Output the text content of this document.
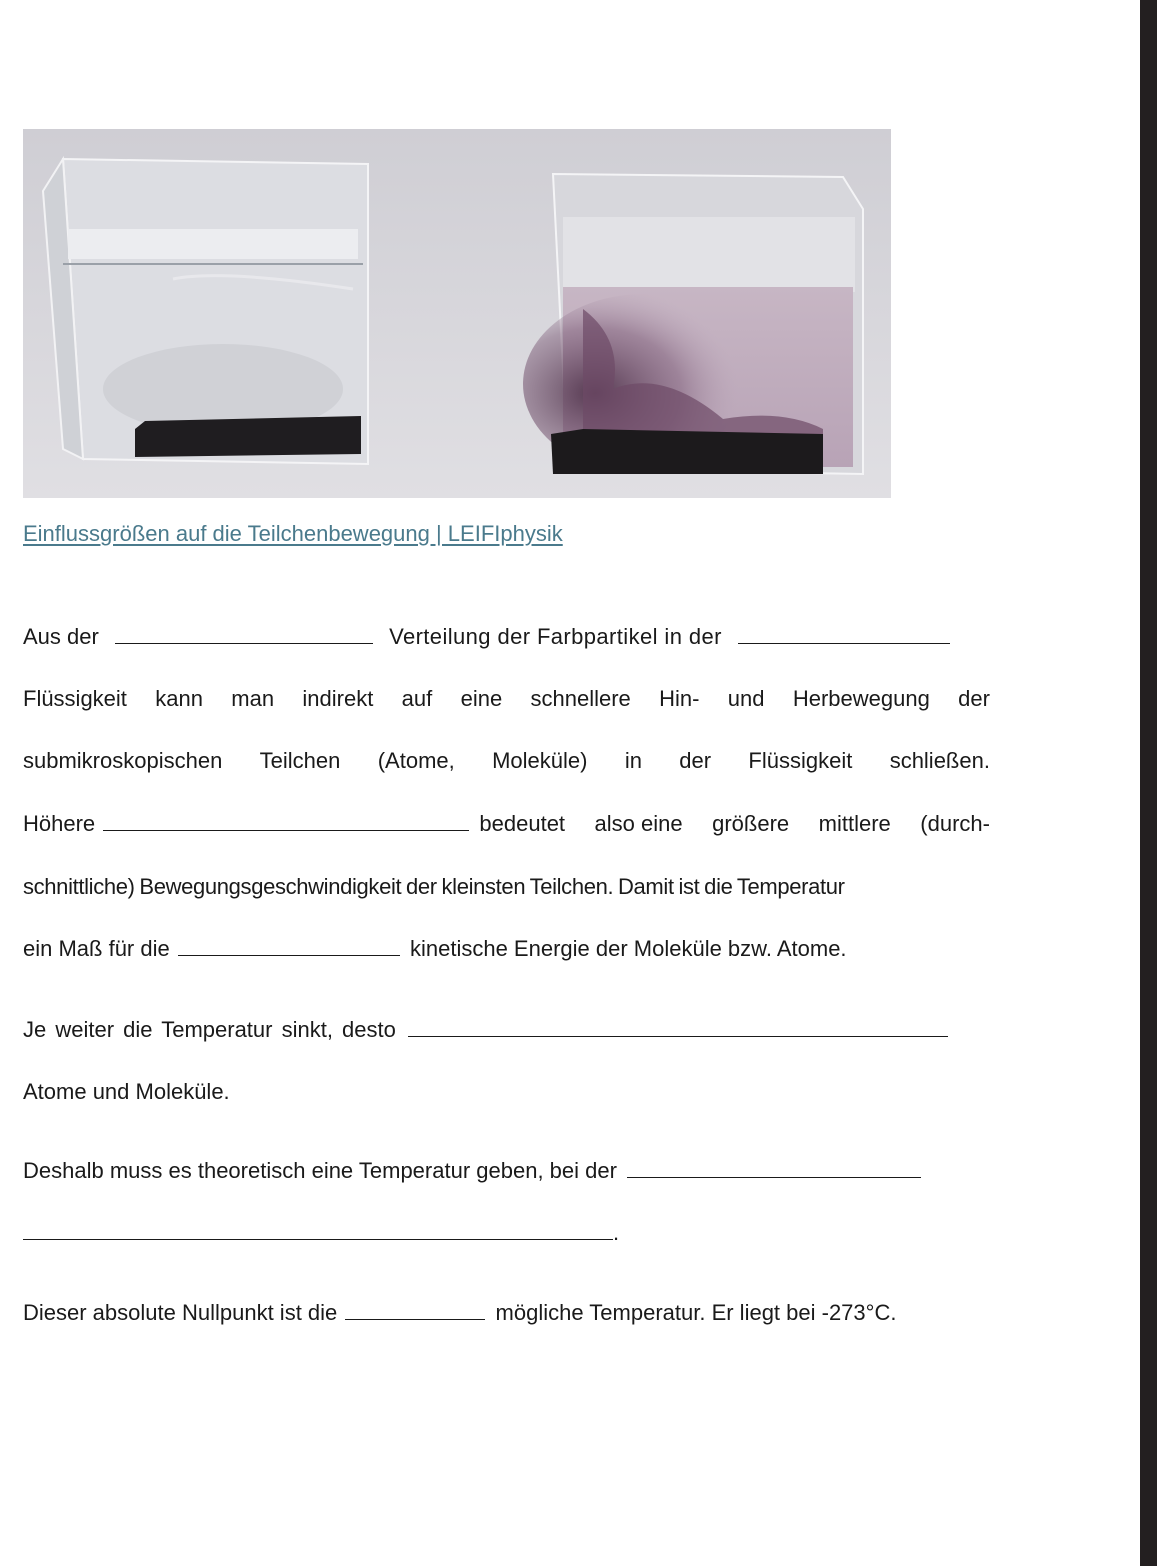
Einflussgrößen auf die Teilchenbewegung | LEIFIphysik
Aus der	Verteilung der Farbpartikel in der
Flüssigkeit kann man indirekt auf eine schnellere Hin- und Herbewegung der
submikroskopischen Teilchen (Atome, Moleküle) in der Flüssigkeit schließen.
Höhere	bedeutet also eine größere mittlere (durch-
schnittliche) Bewegungsgeschwindigkeit der kleinsten Teilchen. Damit ist die Temperatur
ein Maß für die	kinetische Energie der Moleküle bzw. Atome.
Je weiter die Temperatur sinkt, desto
Atome und Moleküle.
Deshalb muss es theoretisch eine Temperatur geben, bei der
.
Dieser absolute Nullpunkt ist die	mögliche Temperatur. Er liegt bei -273°C.
